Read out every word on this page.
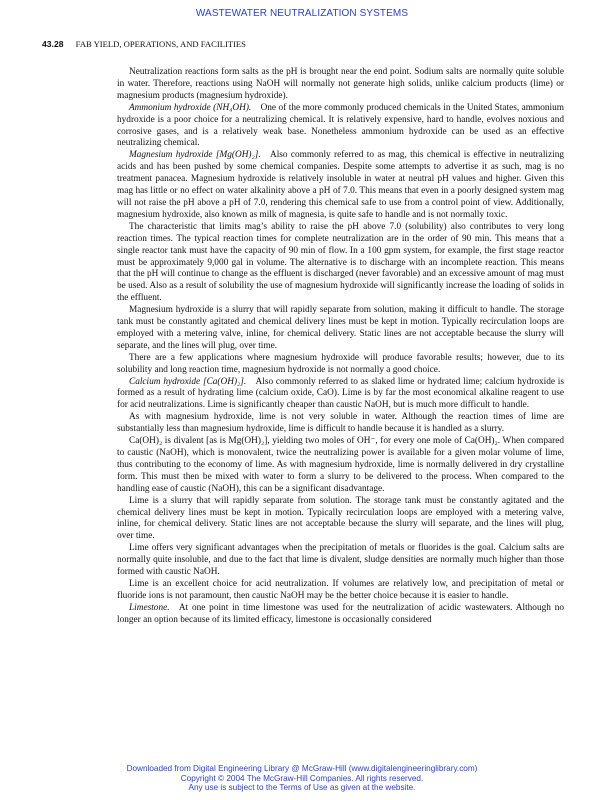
WASTEWATER NEUTRALIZATION SYSTEMS
43.28 FAB YIELD, OPERATIONS, AND FACILITIES

Neutralization reactions form salts as the pH is brought near the end point. Sodium salts are normally quite soluble in water. Therefore, reactions using NaOH will normally not generate high solids, unlike calcium products (lime) or magnesium products (magnesium hydroxide).

Ammonium hydroxide (NH₄OH).  One of the more commonly produced chemicals in the United States, ammonium hydroxide is a poor choice for a neutralizing chemical. It is relatively expensive, hard to handle, evolves noxious and corrosive gases, and is a relatively weak base. Nonetheless ammonium hydroxide can be used as an effective neutralizing chemical.

Magnesium hydroxide [Mg(OH)₂].  Also commonly referred to as mag, this chemical is effective in neutralizing acids and has been pushed by some chemical companies. Despite some attempts to advertise it as such, mag is no treatment panacea. Magnesium hydroxide is relatively insoluble in water at neutral pH values and higher. Given this mag has little or no effect on water alkalinity above a pH of 7.0. This means that even in a poorly designed system mag will not raise the pH above a pH of 7.0, rendering this chemical safe to use from a control point of view. Additionally, magnesium hydroxide, also known as milk of magnesia, is quite safe to handle and is not normally toxic.

The characteristic that limits mag’s ability to raise the pH above 7.0 (solubility) also contributes to very long reaction times. The typical reaction times for complete neutralization are in the order of 90 min. This means that a single reactor tank must have the capacity of 90 min of flow. In a 100 gpm system, for example, the first stage reactor must be approximately 9,000 gal in volume. The alternative is to discharge with an incomplete reaction. This means that the pH will continue to change as the effluent is discharged (never favorable) and an excessive amount of mag must be used. Also as a result of solubility the use of magnesium hydroxide will significantly increase the loading of solids in the effluent.

Magnesium hydroxide is a slurry that will rapidly separate from solution, making it difficult to handle. The storage tank must be constantly agitated and chemical delivery lines must be kept in motion. Typically recirculation loops are employed with a metering valve, inline, for chemical delivery. Static lines are not acceptable because the slurry will separate, and the lines will plug, over time.

There are a few applications where magnesium hydroxide will produce favorable results; however, due to its solubility and long reaction time, magnesium hydroxide is not normally a good choice.

Calcium hydroxide [Ca(OH)₂].  Also commonly referred to as slaked lime or hydrated lime; calcium hydroxide is formed as a result of hydrating lime (calcium oxide, CaO). Lime is by far the most economical alkaline reagent to use for acid neutralizations. Lime is significantly cheaper than caustic NaOH, but is much more difficult to handle.

As with magnesium hydroxide, lime is not very soluble in water. Although the reaction times of lime are substantially less than magnesium hydroxide, lime is difficult to handle because it is handled as a slurry.

Ca(OH)₂ is divalent [as is Mg(OH)₂], yielding two moles of OH⁻, for every one mole of Ca(OH)₂. When compared to caustic (NaOH), which is monovalent, twice the neutralizing power is available for a given molar volume of lime, thus contributing to the economy of lime. As with magnesium hydroxide, lime is normally delivered in dry crystalline form. This must then be mixed with water to form a slurry to be delivered to the process. When compared to the handling ease of caustic (NaOH), this can be a significant disadvantage.

Lime is a slurry that will rapidly separate from solution. The storage tank must be constantly agitated and the chemical delivery lines must be kept in motion. Typically recirculation loops are employed with a metering valve, inline, for chemical delivery. Static lines are not acceptable because the slurry will separate, and the lines will plug, over time.

Lime offers very significant advantages when the precipitation of metals or fluorides is the goal. Calcium salts are normally quite insoluble, and due to the fact that lime is divalent, sludge densities are normally much higher than those formed with caustic NaOH.

Lime is an excellent choice for acid neutralization. If volumes are relatively low, and precipitation of metal or fluoride ions is not paramount, then caustic NaOH may be the better choice because it is easier to handle.

Limestone.  At one point in time limestone was used for the neutralization of acidic wastewaters. Although no longer an option because of its limited efficacy, limestone is occasionally considered

Downloaded from Digital Engineering Library @ McGraw-Hill (www.digitalengineeringlibrary.com)
Copyright © 2004 The McGraw-Hill Companies. All rights reserved.
Any use is subject to the Terms of Use as given at the website.
